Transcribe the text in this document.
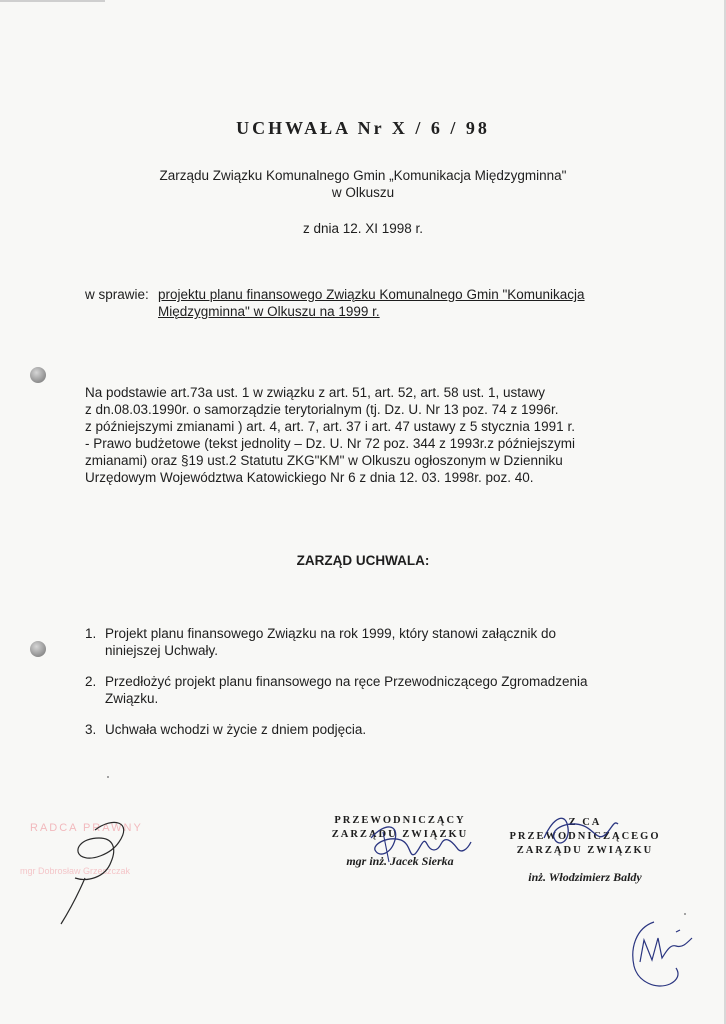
UCHWAŁA Nr X / 6 / 98
Zarządu Związku Komunalnego Gmin „Komunikacja Międzygminna"
w Olkuszu
z dnia 12. XI 1998 r.
w sprawie: projektu planu finansowego Związku Komunalnego Gmin "Komunikacja
Międzygminna" w Olkuszu na 1999 r.
Na podstawie art.73a ust. 1 w związku z art. 51, art. 52, art. 58 ust. 1, ustawy
z dn.08.03.1990r. o samorządzie terytorialnym (tj. Dz. U. Nr 13 poz. 74 z 1996r.
z późniejszymi zmianami ) art. 4, art. 7, art. 37 i art. 47 ustawy z 5 stycznia 1991 r.
- Prawo budżetowe (tekst jednolity – Dz. U. Nr 72 poz. 344 z 1993r.z późniejszymi
zmianami) oraz §19 ust.2 Statutu ZKG"KM" w Olkuszu ogłoszonym w Dzienniku
Urzędowym Województwa Katowickiego Nr 6 z dnia 12. 03. 1998r. poz. 40.
ZARZĄD UCHWALA:
1. Projekt planu finansowego Związku na rok 1999, który stanowi załącznik do
niniejszej Uchwały.
2. Przedłożyć projekt planu finansowego na ręce Przewodniczącego Zgromadzenia
Związku.
3. Uchwała wchodzi w życie z dniem podjęcia.
RADCA PRAWNY
mgr Dobrosław Grzeszczak
PRZEWODNICZĄCY
ZARZĄDU ZWIĄZKU
mgr inż. Jacek Sierka
Z CA PRZEWODNICZĄCEGO
ZARZĄDU ZWIĄZKU
inż. Włodzimierz Baldy
